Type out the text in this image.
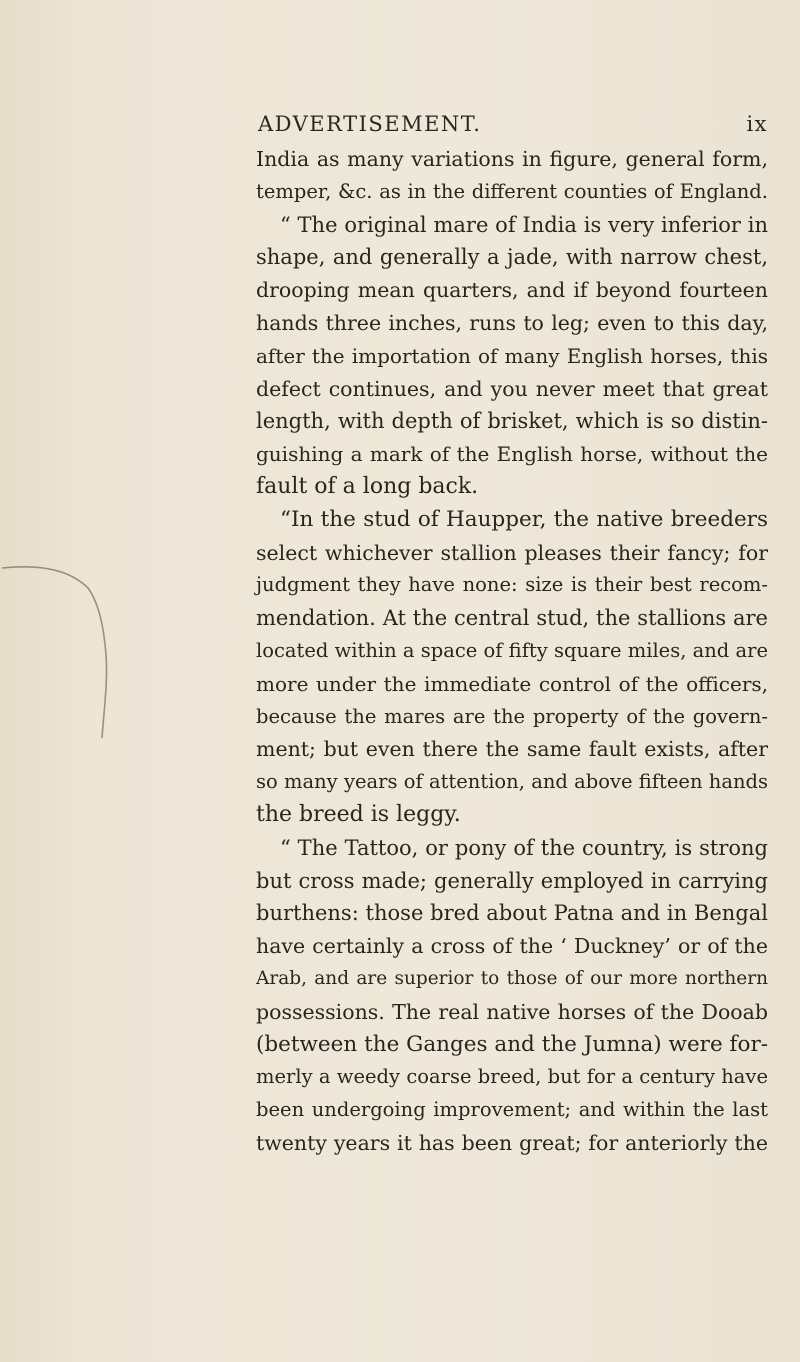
ADVERTISEMENT.	ix
India as many variations in figure, general form,
temper, &c. as in the different counties of England.
“ The original mare of India is very inferior in
shape, and generally a jade, with narrow chest,
drooping mean quarters, and if beyond fourteen
hands three inches, runs to leg; even to this day,
after the importation of many English horses, this
defect continues, and you never meet that great
length, with depth of brisket, which is so distin-
guishing a mark of the English horse, without the
fault of a long back.
“In the stud of Haupper, the native breeders
select whichever stallion pleases their fancy; for
judgment they have none: size is their best recom-
mendation. At the central stud, the stallions are
located within a space of fifty square miles, and are
more under the immediate control of the officers,
because the mares are the property of the govern-
ment; but even there the same fault exists, after
so many years of attention, and above fifteen hands
the breed is leggy.
“ The Tattoo, or pony of the country, is strong
but cross made; generally employed in carrying
burthens: those bred about Patna and in Bengal
have certainly a cross of the ‘ Duckney’ or of the
Arab, and are superior to those of our more northern
possessions. The real native horses of the Dooab
(between the Ganges and the Jumna) were for-
merly a weedy coarse breed, but for a century have
been undergoing improvement; and within the last
twenty years it has been great; for anteriorly the
